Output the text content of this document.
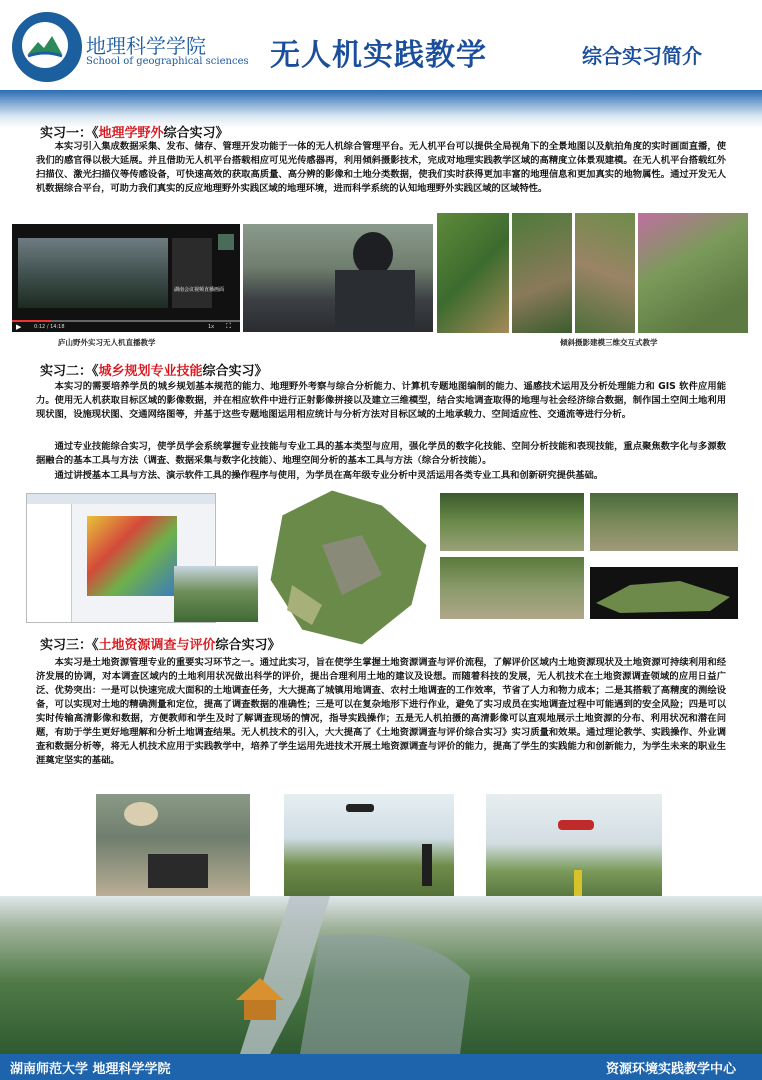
地理科学学院
School of geographical sciences 无人机实践教学	综合实习简介
实习一：《地理学野外综合实习》
本实习引入集成数据采集、发布、储存、管理开发功能于一体的无人机综合管理平台。无人机平台可以提供全局视角下的全景地图以及航拍角度的实时画面直播，使我们的感官得以极大延展。并且借助无人机平台搭载相应可见光传感器再，利用倾斜摄影技术，完成对地理实践教学区域的高精度立体景观建模。在无人机平台搭载红外扫描仪、激光扫描仪等传感设备，可快速高效的获取高质量、高分辨的影像和土地分类数据，使我们实时获得更加丰富的地理信息和更加真实的地物属性。通过开发无人机数据综合平台，可助力我们真实的反应地理野外实践区域的地理环境，进而科学系统的认知地理野外实践区域的区域特性。
湖南会议视频直播画面
▶	0:12 / 14:18	1x ⛶
庐山野外实习无人机直播教学	倾斜摄影建模三维交互式教学
实习二：《城乡规划专业技能综合实习》
本实习的需要培养学员的城乡规划基本规范的能力、地理野外考察与综合分析能力、计算机专题地图编制的能力、遥感技术运用及分析处理能力和 GIS 软件应用能力。使用无人机获取目标区域的影像数据，并在相应软件中进行正射影像拼接以及建立三维模型，结合实地调查取得的地理与社会经济综合数据，制作国土空间土地利用现状图，设施现状图、交通网络图等，并基于这些专题地图运用相应统计与分析方法对目标区域的土地承载力、空间适应性、交通流等进行分析。
通过专业技能综合实习，使学员学会系统掌握专业技能与专业工具的基本类型与应用，强化学员的数字化技能、空间分析技能和表现技能，重点聚焦数字化与多源数据融合的基本工具与方法（调查、数据采集与数字化技能）、地理空间分析的基本工具与方法（综合分析技能）。
通过讲授基本工具与方法、演示软件工具的操作程序与使用，为学员在高年级专业分析中灵活运用各类专业工具和创新研究提供基础。
实习三：《土地资源调查与评价综合实习》
本实习是土地资源管理专业的重要实习环节之一。通过此实习，旨在使学生掌握土地资源调查与评价流程，了解评价区域内土地资源现状及土地资源可持续利用和经济发展的协调，对本调查区域内的土地利用状况做出科学的评价，提出合理利用土地的建议及设想。而随着科技的发展，无人机技术在土地资源调查领域的应用日益广泛、优势突出：一是可以快速完成大面积的土地调查任务，大大提高了城镇用地调查、农村土地调查的工作效率，节省了人力和物力成本；二是其搭载了高精度的测绘设备，可以实现对土地的精确测量和定位，提高了调查数据的准确性；三是可以在复杂地形下进行作业，避免了实习成员在实地调查过程中可能遇到的安全风险；四是可以实时传输高清影像和数据，方便教师和学生及时了解调查现场的情况，指导实践操作；五是无人机拍摄的高清影像可以直观地展示土地资源的分布、利用状况和潜在问题，有助于学生更好地理解和分析土地调查结果。无人机技术的引入，大大提高了《土地资源调查与评价综合实习》实习质量和效果。通过理论教学、实践操作、外业调查和数据分析等，将无人机技术应用于实践教学中，培养了学生运用先进技术开展土地资源调查与评价的能力，提高了学生的实践能力和创新能力，为学生未来的职业生涯奠定坚实的基础。
湖南师范大学 地理科学学院	资源环境实践教学中心
